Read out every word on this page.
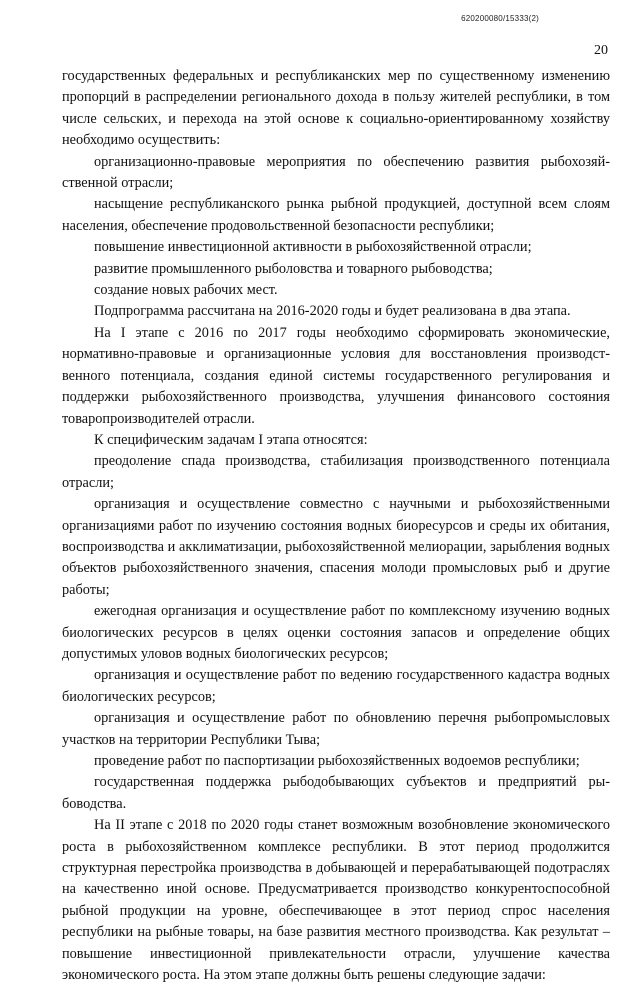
620200080/15333(2)
20

государственных федеральных и республиканских мер по существенному изменению пропорций в распределении регионального дохода в пользу жителей республики, в том числе сельских, и перехода на этой основе к социально-ориентированному хозяйству необходимо осуществить:

организационно-правовые мероприятия по обеспечению развития рыбохозяйственной отрасли;

насыщение республиканского рынка рыбной продукцией, доступной всем слоям населения, обеспечение продовольственной безопасности республики;

повышение инвестиционной активности в рыбохозяйственной отрасли;

развитие промышленного рыболовства и товарного рыбоводства;

создание новых рабочих мест.

Подпрограмма рассчитана на 2016-2020 годы и будет реализована в два этапа.

На I этапе с 2016 по 2017 годы необходимо сформировать экономические, нормативно-правовые и организационные условия для восстановления производственного потенциала, создания единой системы государственного регулирования и поддержки рыбохозяйственного производства, улучшения финансового состояния товаропроизводителей отрасли.

К специфическим задачам I этапа относятся:

преодоление спада производства, стабилизация производственного потенциала отрасли;

организация и осуществление совместно с научными и рыбохозяйственными организациями работ по изучению состояния водных биоресурсов и среды их обитания, воспроизводства и акклиматизации, рыбохозяйственной мелиорации, зарыбления водных объектов рыбохозяйственного значения, спасения молоди промысловых рыб и другие работы;

ежегодная организация и осуществление работ по комплексному изучению водных биологических ресурсов в целях оценки состояния запасов и определение общих допустимых уловов водных биологических ресурсов;

организация и осуществление работ по ведению государственного кадастра водных биологических ресурсов;

организация и осуществление работ по обновлению перечня рыбопромысловых участков на территории Республики Тыва;

проведение работ по паспортизации рыбохозяйственных водоемов республики;

государственная поддержка рыбодобывающих субъектов и предприятий рыбоводства.

На II этапе с 2018 по 2020 годы станет возможным возобновление экономического роста в рыбохозяйственном комплексе республики. В этот период продолжится структурная перестройка производства в добывающей и перерабатывающей подотраслях на качественно иной основе. Предусматривается производство конкурентоспособной рыбной продукции на уровне, обеспечивающее в этот период спрос населения республики на рыбные товары, на базе развития местного производства. Как результат – повышение инвестиционной привлекательности отрасли, улучшение качества экономического роста. На этом этапе должны быть решены следующие задачи:
